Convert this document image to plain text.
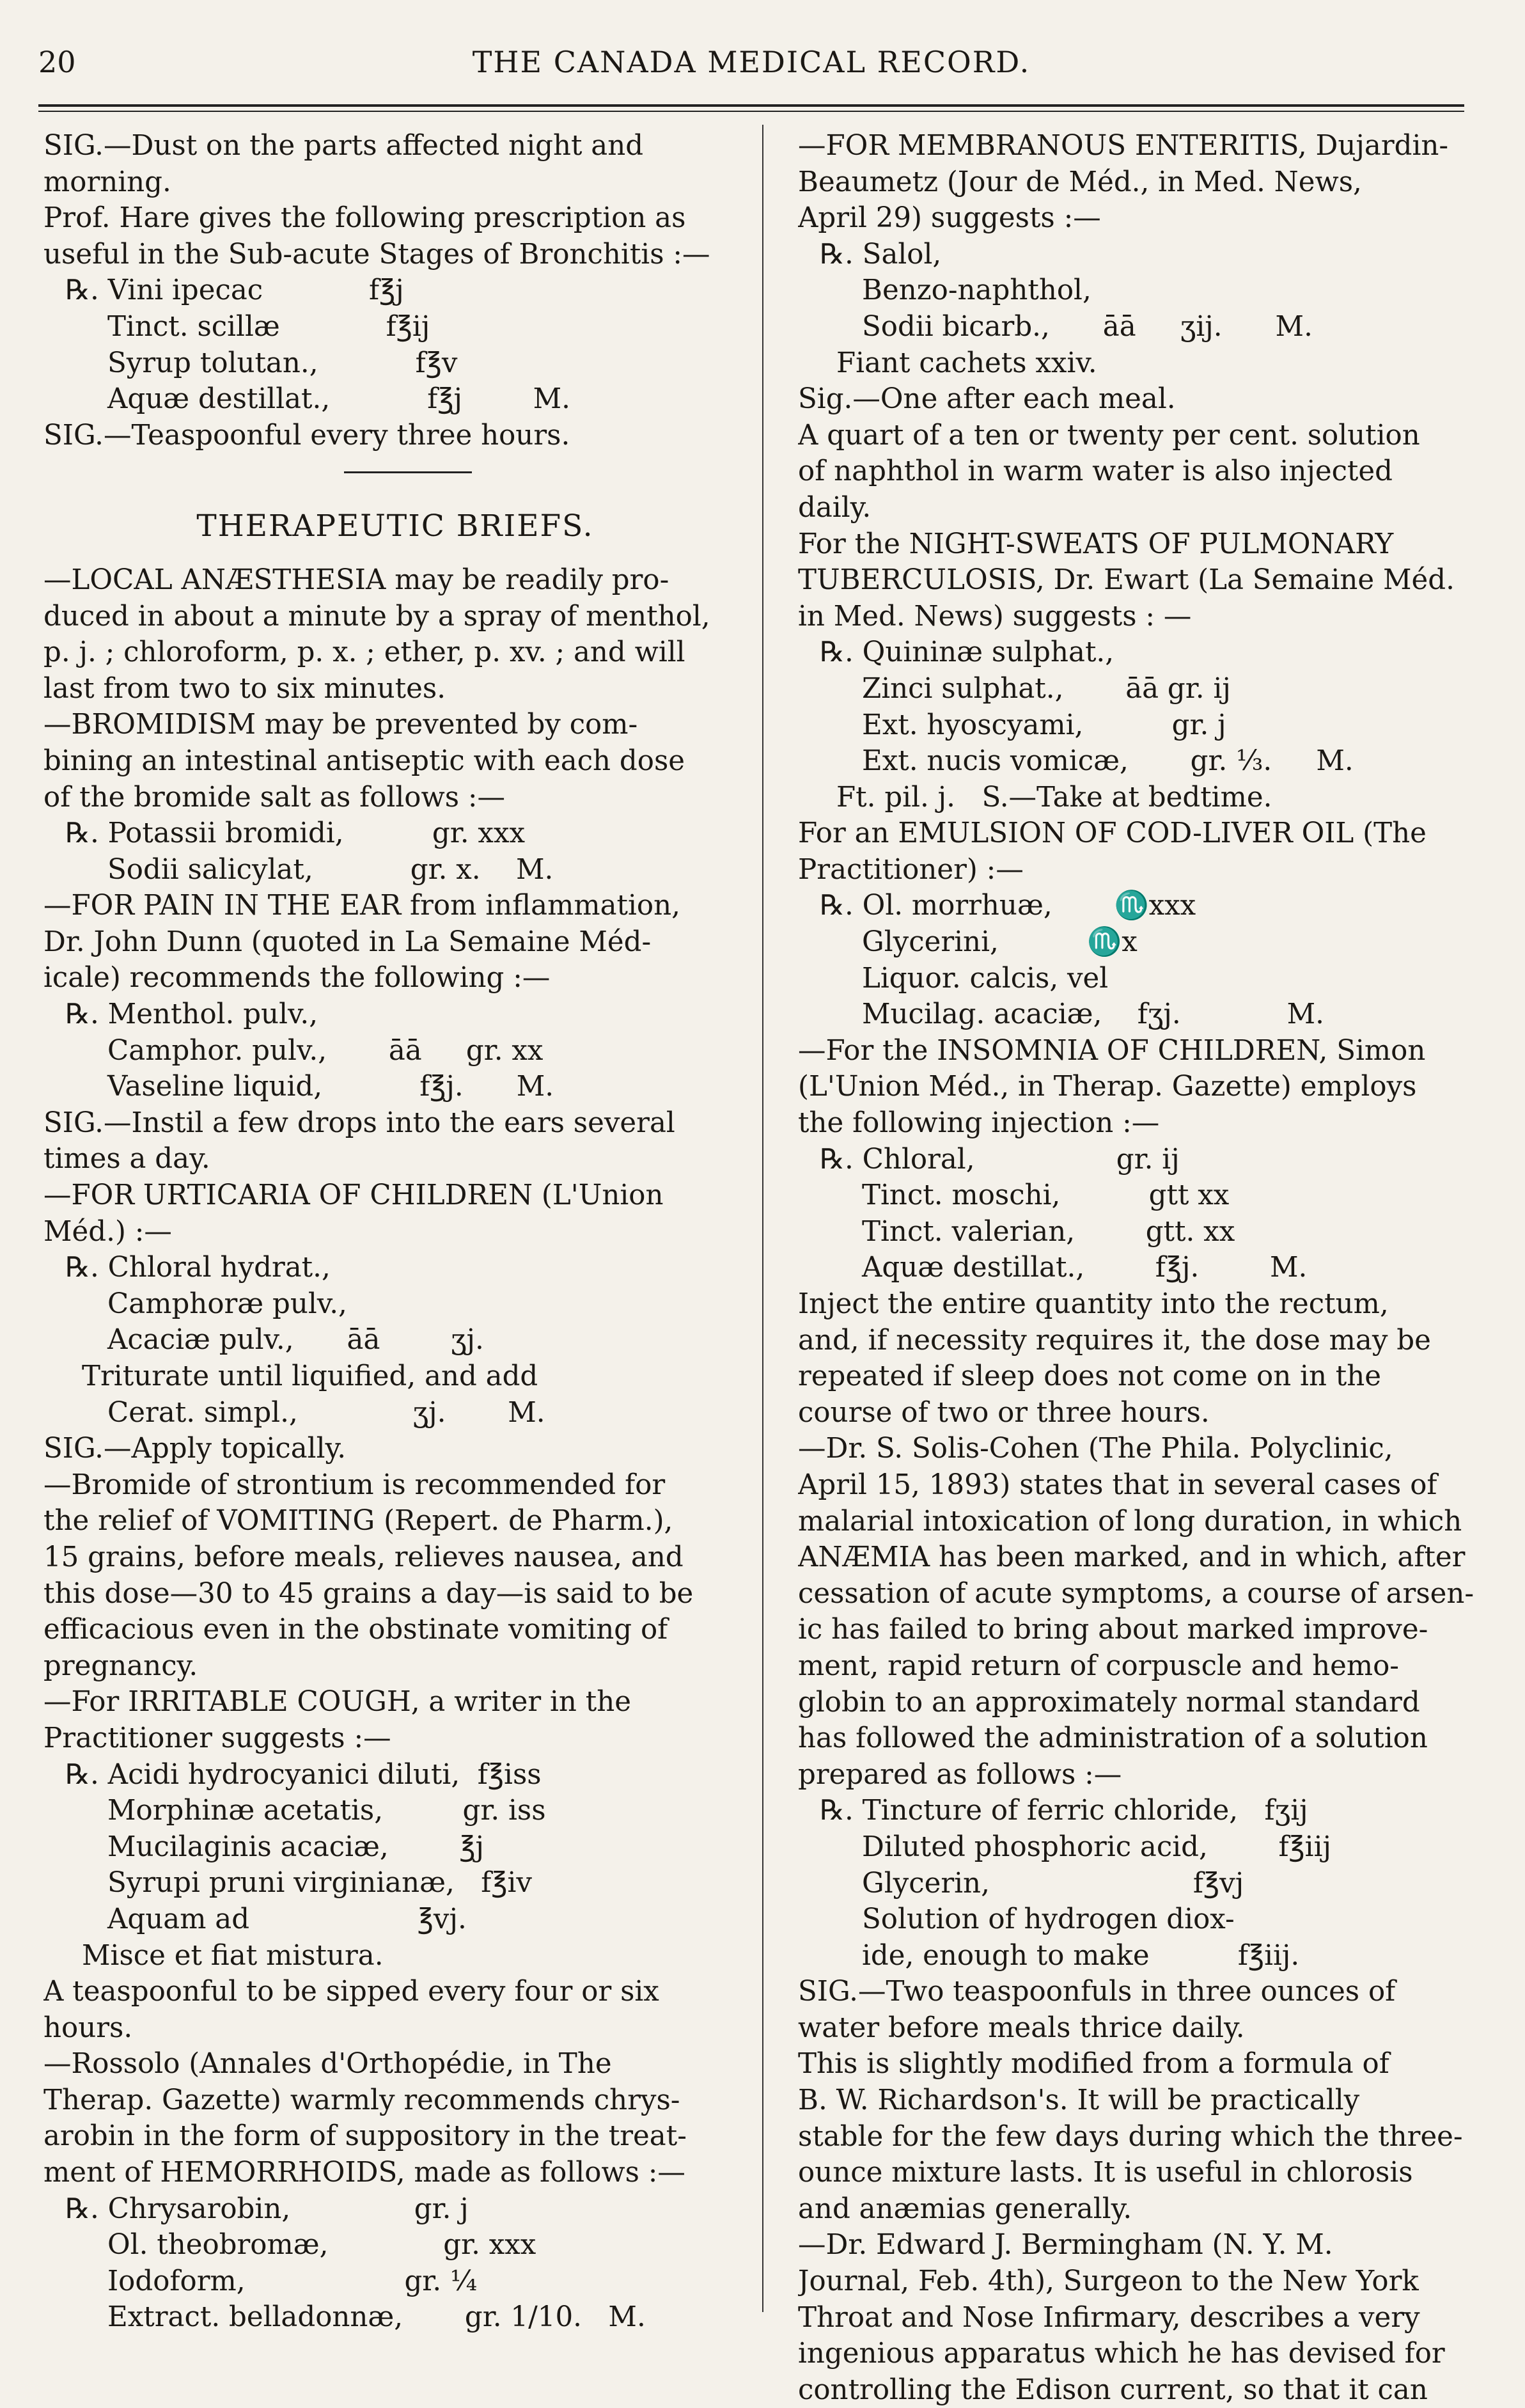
20	THE CANADA MEDICAL RECORD.
SIG.—Dust on the parts affected night and
morning.
Prof. Hare gives the following prescription as
useful in the Sub-acute Stages of Bronchitis :—
℞. Vini ipecac            f℥j
Tinct. scillæ            f℥ij
Syrup tolutan.,           f℥v
Aquæ destillat.,           f℥j        M.
SIG.—Teaspoonful every three hours.
THERAPEUTIC BRIEFS.
—LOCAL ANÆSTHESIA may be readily pro-
duced in about a minute by a spray of menthol,
p. j. ; chloroform, p. x. ; ether, p. xv. ; and will
last from two to six minutes.
—BROMIDISM may be prevented by com-
bining an intestinal antiseptic with each dose
of the bromide salt as follows :—
℞. Potassii bromidi,          gr. xxx
Sodii salicylat,           gr. x.    M.
—FOR PAIN IN THE EAR from inflammation,
Dr. John Dunn (quoted in La Semaine Méd-
icale) recommends the following :—
℞. Menthol. pulv.,
Camphor. pulv.,       āā     gr. xx
Vaseline liquid,           f℥j.      M.
SIG.—Instil a few drops into the ears several
times a day.
—FOR URTICARIA OF CHILDREN (L'Union
Méd.) :—
℞. Chloral hydrat.,
Camphoræ pulv.,
Acaciæ pulv.,      āā        ʒj.
Triturate until liquified, and add
Cerat. simpl.,             ʒj.       M.
SIG.—Apply topically.
—Bromide of strontium is recommended for
the relief of VOMITING (Repert. de Pharm.),
15 grains, before meals, relieves nausea, and
this dose—30 to 45 grains a day—is said to be
efficacious even in the obstinate vomiting of
pregnancy.
—For IRRITABLE COUGH, a writer in the
Practitioner suggests :—
℞. Acidi hydrocyanici diluti,  f℥iss
Morphinæ acetatis,         gr. iss
Mucilaginis acaciæ,        ℥j
Syrupi pruni virginianæ,   f℥iv
Aquam ad                   ℥vj.
Misce et fiat mistura.
A teaspoonful to be sipped every four or six
hours.
—Rossolo (Annales d'Orthopédie, in The
Therap. Gazette) warmly recommends chrys-
arobin in the form of suppository in the treat-
ment of HEMORRHOIDS, made as follows :—
℞. Chrysarobin,              gr. j
Ol. theobromæ,             gr. xxx
Iodoform,                  gr. ¼
Extract. belladonnæ,       gr. 1/10.   M.
—FOR MEMBRANOUS ENTERITIS, Dujardin-
Beaumetz (Jour de Méd., in Med. News,
April 29) suggests :—
℞. Salol,
Benzo-naphthol,
Sodii bicarb.,      āā     ʒij.      M.
Fiant cachets xxiv.
Sig.—One after each meal.
A quart of a ten or twenty per cent. solution
of naphthol in warm water is also injected
daily.
For the NIGHT-SWEATS OF PULMONARY
TUBERCULOSIS, Dr. Ewart (La Semaine Méd.
in Med. News) suggests : —
℞. Quininæ sulphat.,
Zinci sulphat.,       āā gr. ij
Ext. hyoscyami,          gr. j
Ext. nucis vomicæ,       gr. ⅓.     M.
Ft. pil. j.   S.—Take at bedtime.
For an EMULSION OF COD-LIVER OIL (The
Practitioner) :—
℞. Ol. morrhuæ,       ♏xxx
Glycerini,          ♏x
Liquor. calcis, vel
Mucilag. acaciæ,    fʒj.            M.
—For the INSOMNIA OF CHILDREN, Simon
(L'Union Méd., in Therap. Gazette) employs
the following injection :—
℞. Chloral,                gr. ij
Tinct. moschi,          gtt xx
Tinct. valerian,        gtt. xx
Aquæ destillat.,        f℥j.        M.
Inject the entire quantity into the rectum,
and, if necessity requires it, the dose may be
repeated if sleep does not come on in the
course of two or three hours.
—Dr. S. Solis-Cohen (The Phila. Polyclinic,
April 15, 1893) states that in several cases of
malarial intoxication of long duration, in which
ANÆMIA has been marked, and in which, after
cessation of acute symptoms, a course of arsen-
ic has failed to bring about marked improve-
ment, rapid return of corpuscle and hemo-
globin to an approximately normal standard
has followed the administration of a solution
prepared as follows :—
℞. Tincture of ferric chloride,   fʒij
Diluted phosphoric acid,        f℥iij
Glycerin,                       f℥vj
Solution of hydrogen diox-
ide, enough to make          f℥iij.
SIG.—Two teaspoonfuls in three ounces of
water before meals thrice daily.
This is slightly modified from a formula of
B. W. Richardson's. It will be practically
stable for the few days during which the three-
ounce mixture lasts. It is useful in chlorosis
and anæmias generally.
—Dr. Edward J. Bermingham (N. Y. M.
Journal, Feb. 4th), Surgeon to the New York
Throat and Nose Infirmary, describes a very
ingenious apparatus which he has devised for
controlling the Edison current, so that it can
